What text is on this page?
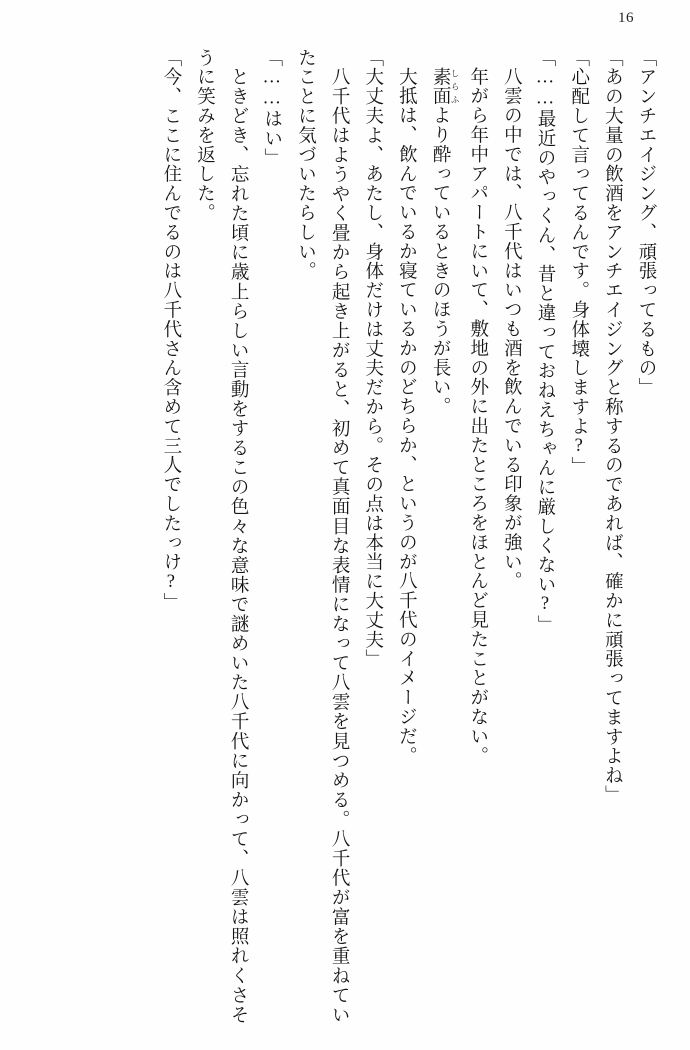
16

「アンチエイジング、頑張ってるもの」

「あの大量の飲酒をアンチエイジングと称するのであれば、確かに頑張ってますよね」

「心配して言ってるんです。身体壊しますよ?」

「……最近のやっくん、昔と違っておねえちゃんに厳しくない?」

八雲の中では、八千代はいつも酒を飲んでいる印象が強い。

年がら年中アパートにいて、敷地の外に出たところをほとんど見たことがない。

素面 しらふより酔っているときのほうが長い。

大抵は、飲んでいるか寝ているかのどちらか、というのが八千代のイメージだ。

「大丈夫よ、あたし、身体だけは丈夫だから。その点は本当に大丈夫」

八千代はようやく畳から起き上がると、初めて真面目な表情になって八雲を見つめる。八千代が富を重ねていたことに気づいたらしい。

「……はい」

ときどき、忘れた頃に歳上らしい言動をするこの色々な意味で謎めいた八千代に向かって、八雲は照れくさそうに笑みを返した。

「今、ここに住んでるのは八千代さん含めて三人でしたっけ?」
